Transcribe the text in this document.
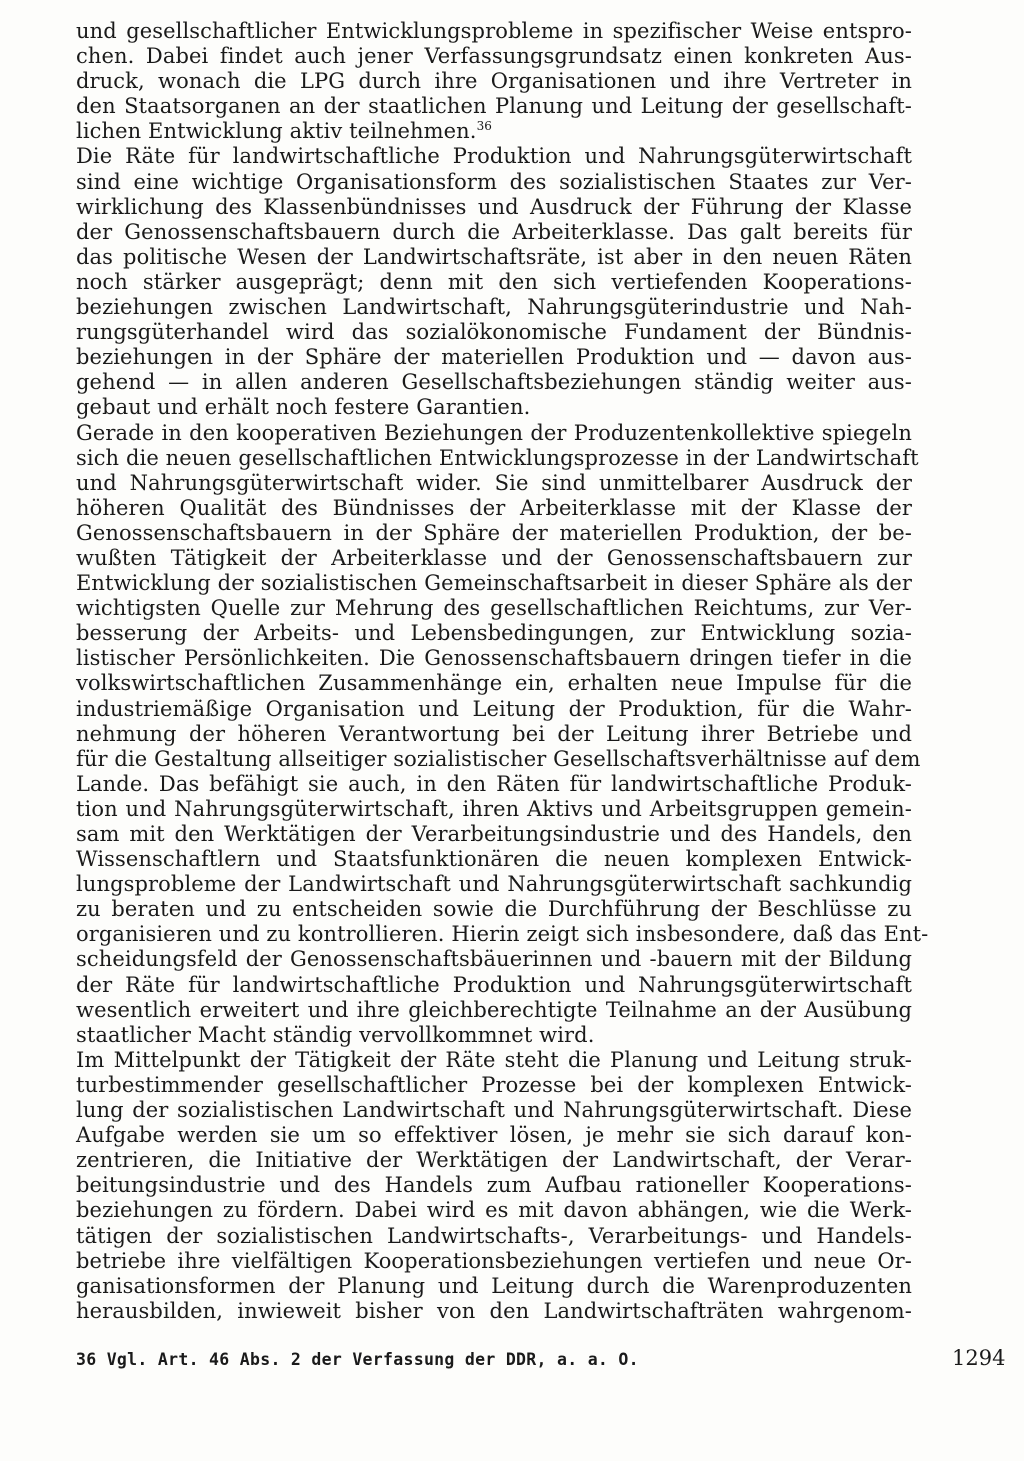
und gesellschaftlicher Entwicklungsprobleme in spezifischer Weise entspro-
chen. Dabei findet auch jener Verfassungsgrundsatz einen konkreten Aus-
druck, wonach die LPG durch ihre Organisationen und ihre Vertreter in
den Staatsorganen an der staatlichen Planung und Leitung der gesellschaft-
lichen Entwicklung aktiv teilnehmen.$^{36}$
Die Räte für landwirtschaftliche Produktion und Nahrungsgüterwirtschaft
sind eine wichtige Organisationsform des sozialistischen Staates zur Ver-
wirklichung des Klassenbündnisses und Ausdruck der Führung der Klasse
der Genossenschaftsbauern durch die Arbeiterklasse. Das galt bereits für
das politische Wesen der Landwirtschaftsräte, ist aber in den neuen Räten
noch stärker ausgeprägt; denn mit den sich vertiefenden Kooperations-
beziehungen zwischen Landwirtschaft, Nahrungsgüterindustrie und Nah-
rungsgüterhandel wird das sozialökonomische Fundament der Bündnis-
beziehungen in der Sphäre der materiellen Produktion und — davon aus-
gehend — in allen anderen Gesellschaftsbeziehungen ständig weiter aus-
gebaut und erhält noch festere Garantien.
Gerade in den kooperativen Beziehungen der Produzentenkollektive spiegeln
sich die neuen gesellschaftlichen Entwicklungsprozesse in der Landwirtschaft
und Nahrungsgüterwirtschaft wider. Sie sind unmittelbarer Ausdruck der
höheren Qualität des Bündnisses der Arbeiterklasse mit der Klasse der
Genossenschaftsbauern in der Sphäre der materiellen Produktion, der be-
wußten Tätigkeit der Arbeiterklasse und der Genossenschaftsbauern zur
Entwicklung der sozialistischen Gemeinschaftsarbeit in dieser Sphäre als der
wichtigsten Quelle zur Mehrung des gesellschaftlichen Reichtums, zur Ver-
besserung der Arbeits- und Lebensbedingungen, zur Entwicklung sozia-
listischer Persönlichkeiten. Die Genossenschaftsbauern dringen tiefer in die
volkswirtschaftlichen Zusammenhänge ein, erhalten neue Impulse für die
industriemäßige Organisation und Leitung der Produktion, für die Wahr-
nehmung der höheren Verantwortung bei der Leitung ihrer Betriebe und
für die Gestaltung allseitiger sozialistischer Gesellschaftsverhältnisse auf dem
Lande. Das befähigt sie auch, in den Räten für landwirtschaftliche Produk-
tion und Nahrungsgüterwirtschaft, ihren Aktivs und Arbeitsgruppen gemein-
sam mit den Werktätigen der Verarbeitungsindustrie und des Handels, den
Wissenschaftlern und Staatsfunktionären die neuen komplexen Entwick-
lungsprobleme der Landwirtschaft und Nahrungsgüterwirtschaft sachkundig
zu beraten und zu entscheiden sowie die Durchführung der Beschlüsse zu
organisieren und zu kontrollieren. Hierin zeigt sich insbesondere, daß das Ent-
scheidungsfeld der Genossenschaftsbäuerinnen und -bauern mit der Bildung
der Räte für landwirtschaftliche Produktion und Nahrungsgüterwirtschaft
wesentlich erweitert und ihre gleichberechtigte Teilnahme an der Ausübung
staatlicher Macht ständig vervollkommnet wird.
Im Mittelpunkt der Tätigkeit der Räte steht die Planung und Leitung struk-
turbestimmender gesellschaftlicher Prozesse bei der komplexen Entwick-
lung der sozialistischen Landwirtschaft und Nahrungsgüterwirtschaft. Diese
Aufgabe werden sie um so effektiver lösen, je mehr sie sich darauf kon-
zentrieren, die Initiative der Werktätigen der Landwirtschaft, der Verar-
beitungsindustrie und des Handels zum Aufbau rationeller Kooperations-
beziehungen zu fördern. Dabei wird es mit davon abhängen, wie die Werk-
tätigen der sozialistischen Landwirtschafts-, Verarbeitungs- und Handels-
betriebe ihre vielfältigen Kooperationsbeziehungen vertiefen und neue Or-
ganisationsformen der Planung und Leitung durch die Warenproduzenten
herausbilden, inwieweit bisher von den Landwirtschafträten wahrgenom-
36 Vgl. Art. 46 Abs. 2 der Verfassung der DDR, a. a. O.	1294
